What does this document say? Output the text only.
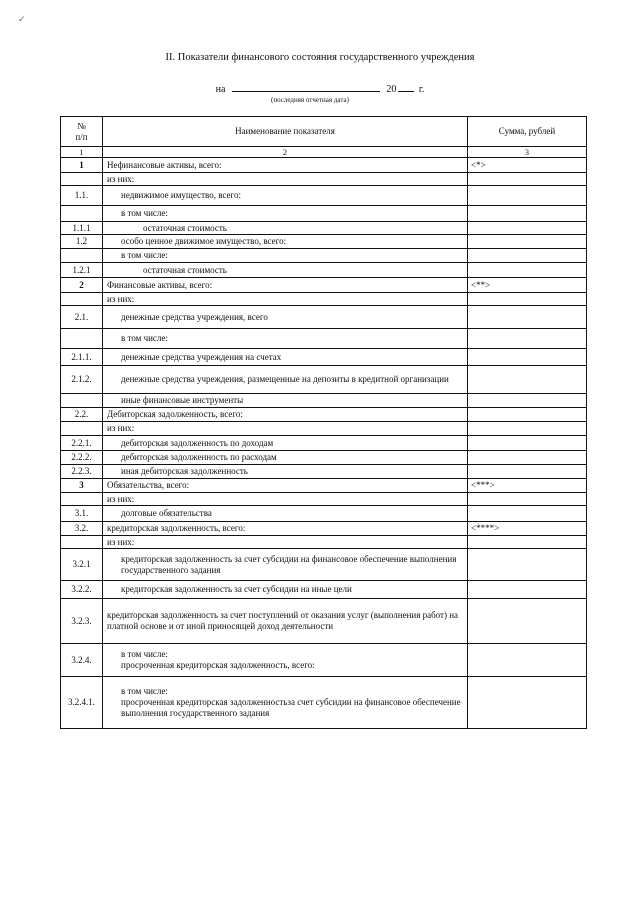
✓
II. Показатели финансового состояния государственного учреждения
на	20 г.
(последняя отчетная дата)
№
п/п	Наименование показателя	Сумма, рублей
1	2	3
1	Нефинансовые активы, всего:	<*>
	из них:	
1.1.	недвижимое имущество, всего:	
	в том числе:	
1.1.1	остаточная стоимость	
1.2	особо ценное движимое имущество, всего:	
	в том числе:	
1.2.1	остаточная стоимость	
2	Финансовые активы, всего:	<**>
	из них:	
2.1.	денежные средства учреждения, всего	
	в том числе:	
2.1.1.	денежные средства учреждения на счетах	
2.1.2.	денежные средства учреждения, размещенные на депозиты в кредитной организации	
	иные финансовые инструменты	
2.2.	Дебиторская задолженность, всего:	
	из них:	
2.2.1.	дебиторская задолженность по доходам	
2.2.2.	дебиторская задолженность по расходам	
2.2.3.	иная дебиторская задолженность	
3	Обязательства, всего:	<***>
	из них:	
3.1.	долговые обязательства	
3.2.	кредиторская задолженность, всего:	<****>
	из них:	
3.2.1	кредиторская задолженность за счет субсидии на финансовое обеспечение выполнения государственного задания	
3.2.2.	кредиторская задолженность за счет субсидии на иные цели	
3.2.3.	кредиторская задолженность за счет поступлений от оказания услуг (выполнения работ) на платной основе и от иной приносящей доход деятельности	
3.2.4.	в том числе:
просроченная кредиторская задолженность, всего:	
3.2.4.1.	в том числе:
просроченная кредиторская задолженностьза счет субсидии на финансовое обеспечение выполнения государственного задания	
